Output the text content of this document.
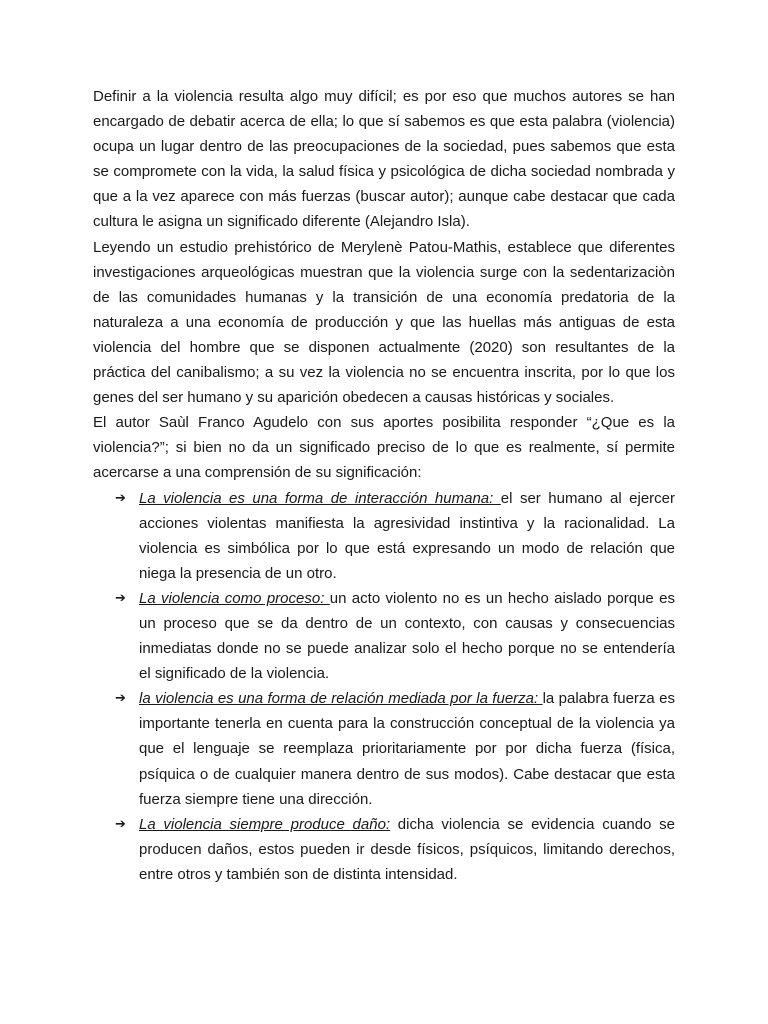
Definir a la violencia resulta algo muy difícil; es por eso que muchos autores se han encargado de debatir acerca de ella; lo que sí sabemos es que esta palabra (violencia) ocupa un lugar dentro de las preocupaciones de la sociedad, pues sabemos que esta se compromete con la vida, la salud física y psicológica de dicha sociedad nombrada y que a la vez aparece con más fuerzas (buscar autor); aunque cabe destacar que cada cultura le asigna un significado diferente (Alejandro Isla).

Leyendo un estudio prehistórico de Merylenè Patou-Mathis, establece que diferentes investigaciones arqueológicas muestran que la violencia surge con la sedentarizaciòn de las comunidades humanas y la transición de una economía predatoria de la naturaleza a una economía de producción y que las huellas más antiguas de esta violencia del hombre que se disponen actualmente (2020) son resultantes de la práctica del canibalismo; a su vez la violencia no se encuentra inscrita, por lo que los genes del ser humano y su aparición obedecen a causas históricas y sociales.

El autor Saùl Franco Agudelo con sus aportes posibilita responder “¿Que es la violencia?”; si bien no da un significado preciso de lo que es realmente, sí permite acercarse a una comprensión de su significación:

➔ La violencia es una forma de interacción humana: el ser humano al ejercer acciones violentas manifiesta la agresividad instintiva y la racionalidad. La violencia es simbólica por lo que está expresando un modo de relación que niega la presencia de un otro.
➔ La violencia como proceso: un acto violento no es un hecho aislado porque es un proceso que se da dentro de un contexto, con causas y consecuencias inmediatas donde no se puede analizar solo el hecho porque no se entendería el significado de la violencia.
➔ la violencia es una forma de relación mediada por la fuerza: la palabra fuerza es importante tenerla en cuenta para la construcción conceptual de la violencia ya que el lenguaje se reemplaza prioritariamente por por dicha fuerza (física, psíquica o de cualquier manera dentro de sus modos). Cabe destacar que esta fuerza siempre tiene una dirección.
➔ La violencia siempre produce daño: dicha violencia se evidencia cuando se producen daños, estos pueden ir desde físicos, psíquicos, limitando derechos, entre otros y también son de distinta intensidad.
